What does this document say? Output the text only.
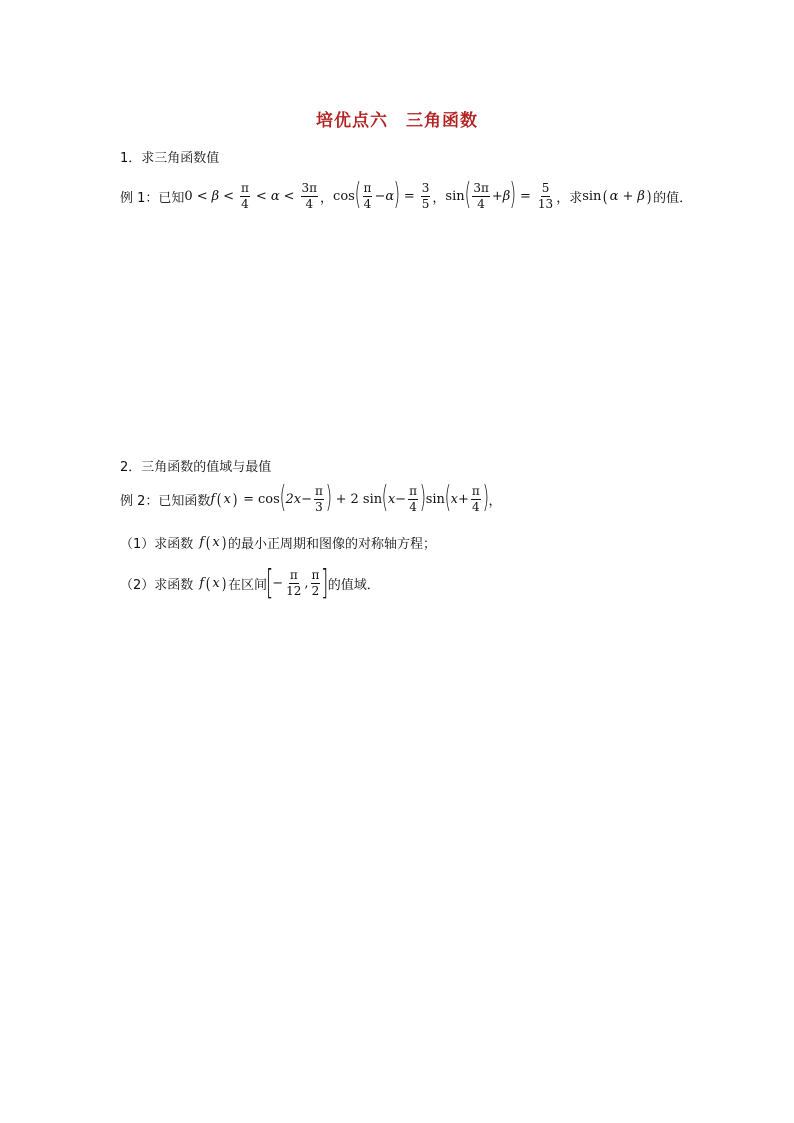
培优点六　三角函数
1．求三角函数值
例 1：已知 $0 < \beta < \frac{\pi}{4} < \alpha < \frac{3\pi}{4}$ ， cos ( $\frac{\pi}{4} - \alpha$ ) = $\frac{3}{5}$ ， sin ( $\frac{3\pi}{4} + \beta$ ) = $\frac{5}{13}$ ，求 sin ( α + β ) 的值．
2．三角函数的值域与最值
例 2：已知函数 f ( x ) = cos ( $2x - \frac{\pi}{3}$ ) + 2 sin ( $x - \frac{\pi}{4}$ ) sin ( $x + \frac{\pi}{4}$ ) ，
（1）求函数 f ( x ) 的最小正周期和图像的对称轴方程；
（2）求函数 f ( x ) 在区间
[
− $\frac{\pi}{12}$ , $\frac{\pi}{2}$ ]
的值域．
